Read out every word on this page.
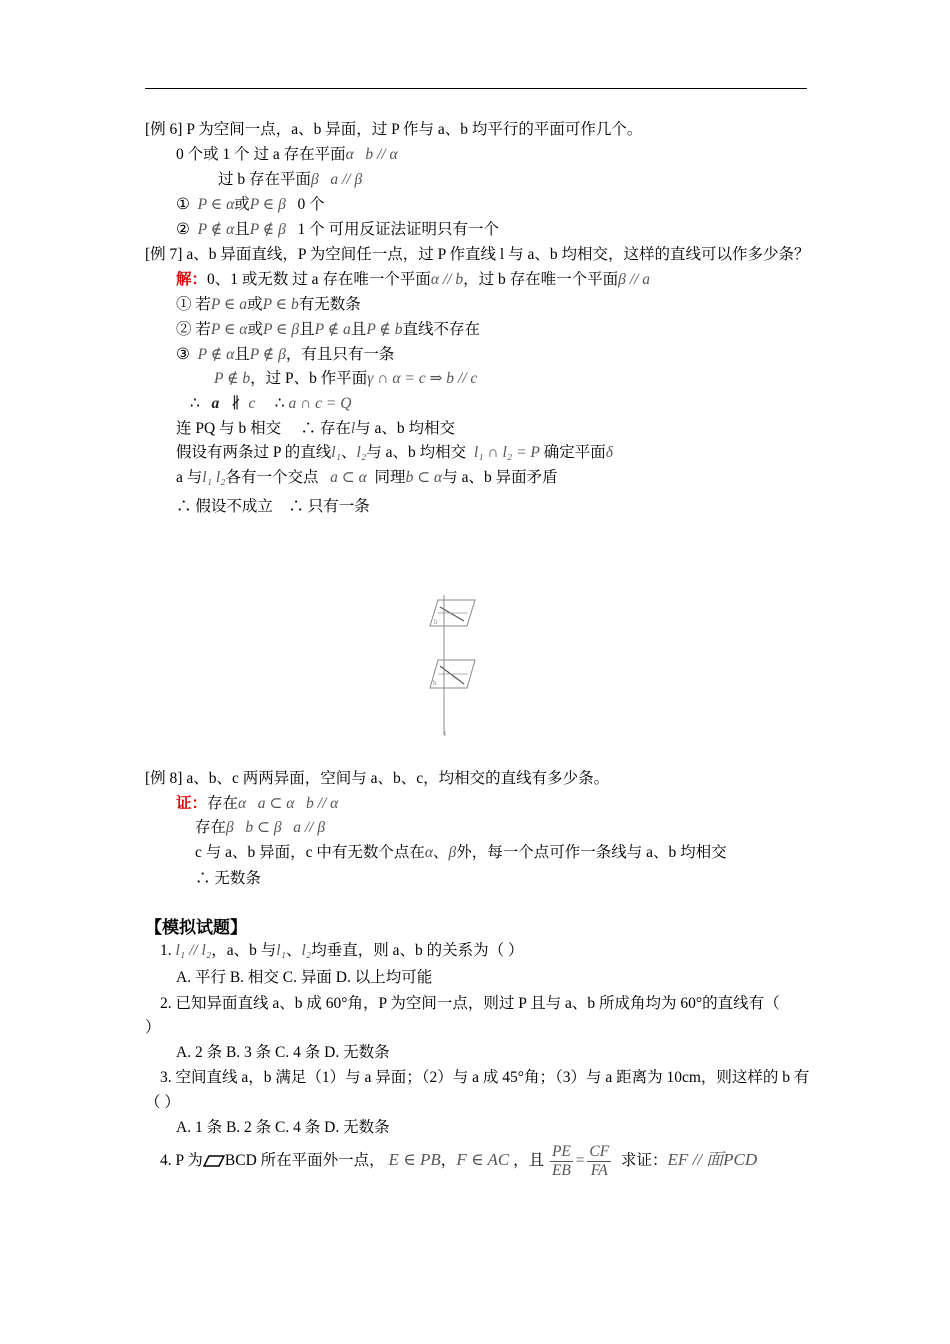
[例 6] P 为空间一点，a、b 异面，过 P 作与 a、b 均平行的平面可作几个。
0 个或 1 个 过 a 存在平面α b // α
过 b 存在平面β a // β
① P ∈ α或P ∈ β 0 个
② P ∉ α且P ∉ β 1 个 可用反证法证明只有一个
[例 7] a、b 异面直线，P 为空间任一点，过 P 作直线 l 与 a、b 均相交，这样的直线可以作多少条？
解：0、1 或无数 过 a 存在唯一个平面α // b，过 b 存在唯一个平面β // a
① 若P ∈ a或P ∈ b有无数条
② 若P ∈ α或P ∈ β且P ∉ a且P ∉ b直线不存在
③ P ∉ α且P ∉ β，有且只有一条
P ∉ b，过 P、b 作平面γ ∩ α = c ⇒ b // c
∴ a ∦ c ∴ a ∩ c = Q
连 PQ 与 b 相交 ∴ 存在l与 a、b 均相交
假设有两条过 P 的直线l₁、l₂与 a、b 均相交 l₁ ∩ l₂ = P 确定平面δ
a 与l₁ l₂各有一个交点 a ⊂ α 同理b ⊂ α与 a、b 异面矛盾
∴ 假设不成立 ∴ 只有一条
b
b
l
[例 8] a、b、c 两两异面，空间与 a、b、c，均相交的直线有多少条。
证：存在α a ⊂ α b // α
存在β b ⊂ β a // β
c 与 a、b 异面，c 中有无数个点在α、β外，每一个点可作一条线与 a、b 均相交
∴ 无数条
【模拟试题】
1. l₁ // l₂，a、b 与l₁、l₂均垂直，则 a、b 的关系为（ ）
A. 平行 B. 相交 C. 异面 D. 以上均可能
2. 已知异面直线 a、b 成 60°角，P 为空间一点，则过 P 且与 a、b 所成角均为 60°的直线有（
）
A. 2 条 B. 3 条 C. 4 条 D. 无数条
3. 空间直线 a，b 满足（1）与 a 异面；（2）与 a 成 45°角；（3）与 a 距离为 10cm，则这样的 b 有
（ ）
A. 1 条 B. 2 条 C. 4 条 D. 无数条
4. P 为 BCD 所在平面外一点， E ∈ PB，F ∈ AC ，且 $\frac{PE}{EB} = \frac{CF}{FA}$ 求证：EF // 面PCD
